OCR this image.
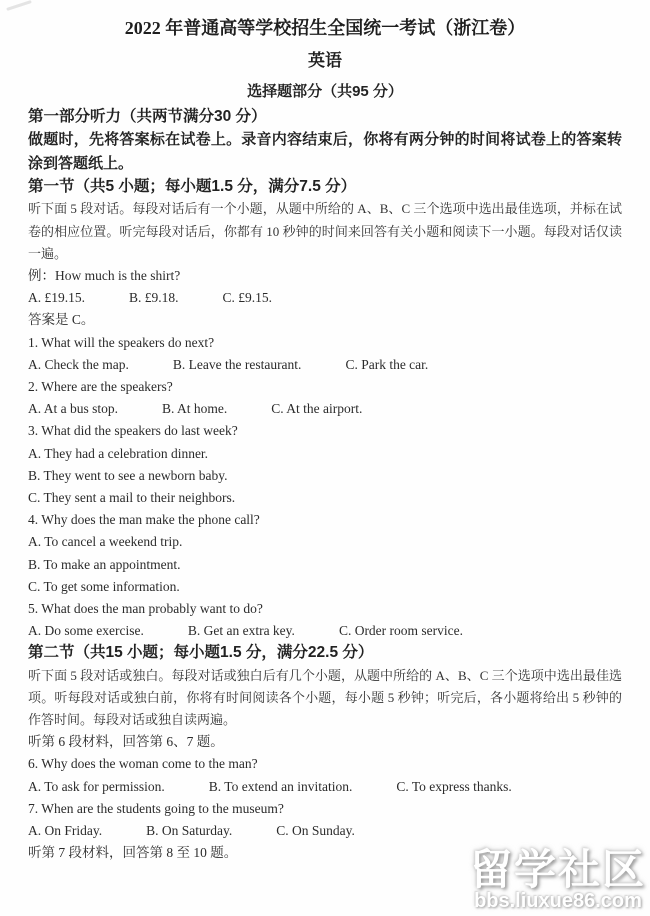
2022 年普通高等学校招生全国统一考试（浙江卷）
英语
选择题部分（共95 分）
第一部分听力（共两节满分30 分）
做题时，先将答案标在试卷上。录音内容结束后，你将有两分钟的时间将试卷上的答案转涂到答题纸上。
第一节（共5 小题；每小题1.5 分，满分7.5 分）
听下面 5 段对话。每段对话后有一个小题，从题中所给的 A、B、C 三个选项中选出最佳选项，并标在试卷的相应位置。听完每段对话后，你都有 10 秒钟的时间来回答有关小题和阅读下一小题。每段对话仅读一遍。
例：How much is the shirt?
A. £19.15.	B. £9.18.	C. £9.15.
答案是 C。
1. What will the speakers do next?
A. Check the map.	B. Leave the restaurant.	C. Park the car.
2. Where are the speakers?
A. At a bus stop.	B. At home.	C. At the airport.
3. What did the speakers do last week?
A. They had a celebration dinner.
B. They went to see a newborn baby.
C. They sent a mail to their neighbors.
4. Why does the man make the phone call?
A. To cancel a weekend trip.
B. To make an appointment.
C. To get some information.
5. What does the man probably want to do?
A. Do some exercise.	B. Get an extra key.	C. Order room service.
第二节（共15 小题；每小题1.5 分，满分22.5 分）
听下面 5 段对话或独白。每段对话或独白后有几个小题，从题中所给的 A、B、C 三个选项中选出最佳选项。听每段对话或独白前，你将有时间阅读各个小题，每小题 5 秒钟；听完后，各小题将给出 5 秒钟的作答时间。每段对话或独自读两遍。
听第 6 段材料，回答第 6、7 题。
6. Why does the woman come to the man?
A. To ask for permission.	B. To extend an invitation.	C. To express thanks.
7. When are the students going to the museum?
A. On Friday.	B. On Saturday.	C. On Sunday.
听第 7 段材料，回答第 8 至 10 题。	留学社区
bbs.liuxue86.com
